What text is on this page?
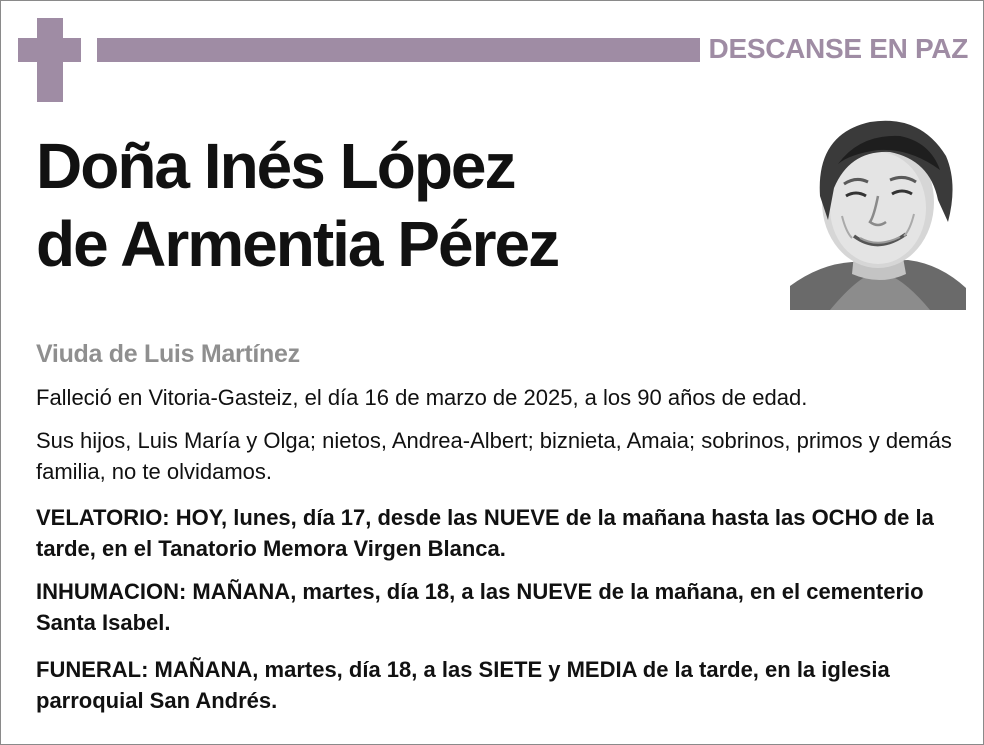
DESCANSE EN PAZ
Doña Inés López
de Armentia Pérez
Viuda de Luis Martínez

Falleció en Vitoria-Gasteiz, el día 16 de marzo de 2025, a los 90 años de edad.

Sus hijos, Luis María y Olga; nietos, Andrea-Albert; biznieta, Amaia; sobrinos, primos y demás familia, no te olvidamos.

VELATORIO: HOY, lunes, día 17, desde las NUEVE de la mañana hasta las OCHO de la tarde, en el Tanatorio Memora Virgen Blanca.

INHUMACION: MAÑANA, martes, día 18, a las NUEVE de la mañana, en el cementerio Santa Isabel.

FUNERAL: MAÑANA, martes, día 18, a las SIETE y MEDIA de la tarde, en la iglesia parroquial San Andrés.
